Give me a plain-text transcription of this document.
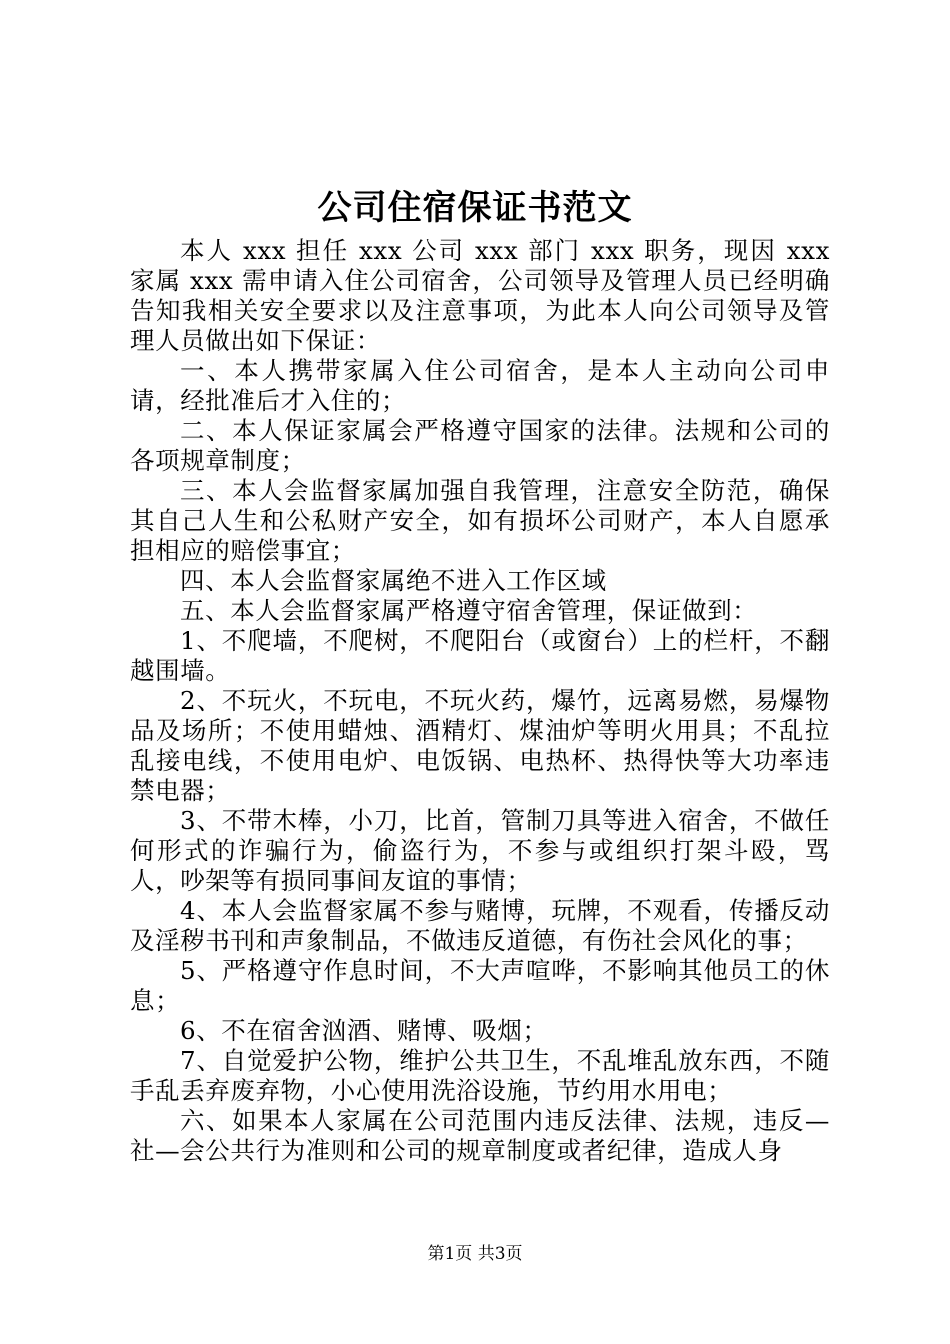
公司住宿保证书范文

本人 xxx 担任 xxx 公司 xxx 部门 xxx 职务，现因 xxx 家属 xxx 需申请入住公司宿舍，公司领导及管理人员已经明确告知我相关安全要求以及注意事项，为此本人向公司领导及管理人员做出如下保证：

一、本人携带家属入住公司宿舍，是本人主动向公司申请，经批准后才入住的；

二、本人保证家属会严格遵守国家的法律。法规和公司的各项规章制度；

三、本人会监督家属加强自我管理，注意安全防范，确保其自己人生和公私财产安全，如有损坏公司财产，本人自愿承担相应的赔偿事宜；

四、本人会监督家属绝不进入工作区域

五、本人会监督家属严格遵守宿舍管理，保证做到：

1、不爬墙，不爬树，不爬阳台（或窗台）上的栏杆，不翻越围墙。

2、不玩火，不玩电，不玩火药，爆竹，远离易燃，易爆物品及场所；不使用蜡烛、酒精灯、煤油炉等明火用具；不乱拉乱接电线，不使用电炉、电饭锅、电热杯、热得快等大功率违禁电器；

3、不带木棒，小刀，比首，管制刀具等进入宿舍，不做任何形式的诈骗行为，偷盗行为，不参与或组织打架斗殴，骂人，吵架等有损同事间友谊的事情；

4、本人会监督家属不参与赌博，玩牌，不观看，传播反动及淫秽书刊和声象制品，不做违反道德，有伤社会风化的事；

5、严格遵守作息时间，不大声喧哗，不影响其他员工的休息；

6、不在宿舍汹酒、赌博、吸烟；

7、自觉爱护公物，维护公共卫生，不乱堆乱放东西，不随手乱丢弃废弃物，小心使用洗浴设施，节约用水用电；

六、如果本人家属在公司范围内违反法律、法规，违反—社—会公共行为准则和公司的规章制度或者纪律，造成人身

第1页 共3页
